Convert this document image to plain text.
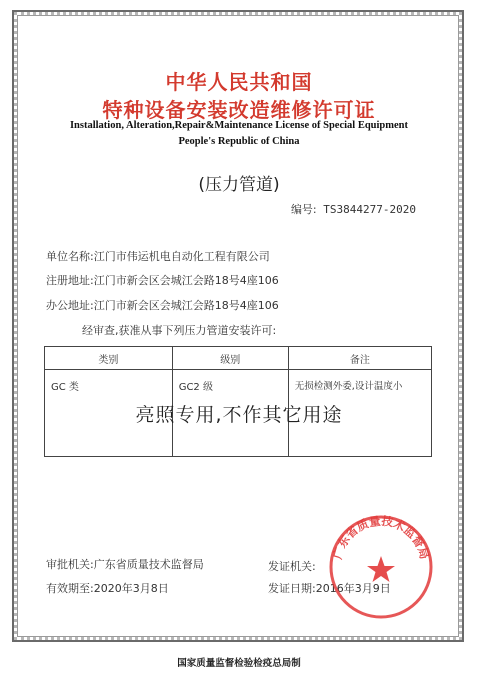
中华人民共和国
特种设备安装改造维修许可证
Installation, Alteration,Repair&Maintenance License of Special Equipment
People's Republic of China
(压力管道)
编号: TS3844277-2020
单位名称:江门市伟运机电自动化工程有限公司
注册地址:江门市新会区会城江会路18号4座106
办公地址:江门市新会区会城江会路18号4座106
经审查,获准从事下列压力管道安装许可:
类别	级别	备注
GC 类	GC2 级	无损检测外委,设计温度小
亮照专用,不作其它用途
审批机关:广东省质量技术监督局
有效期至:2020年3月8日
发证机关:
发证日期:2016年3月9日
广东省质量技术监督局
国家质量监督检验检疫总局制
